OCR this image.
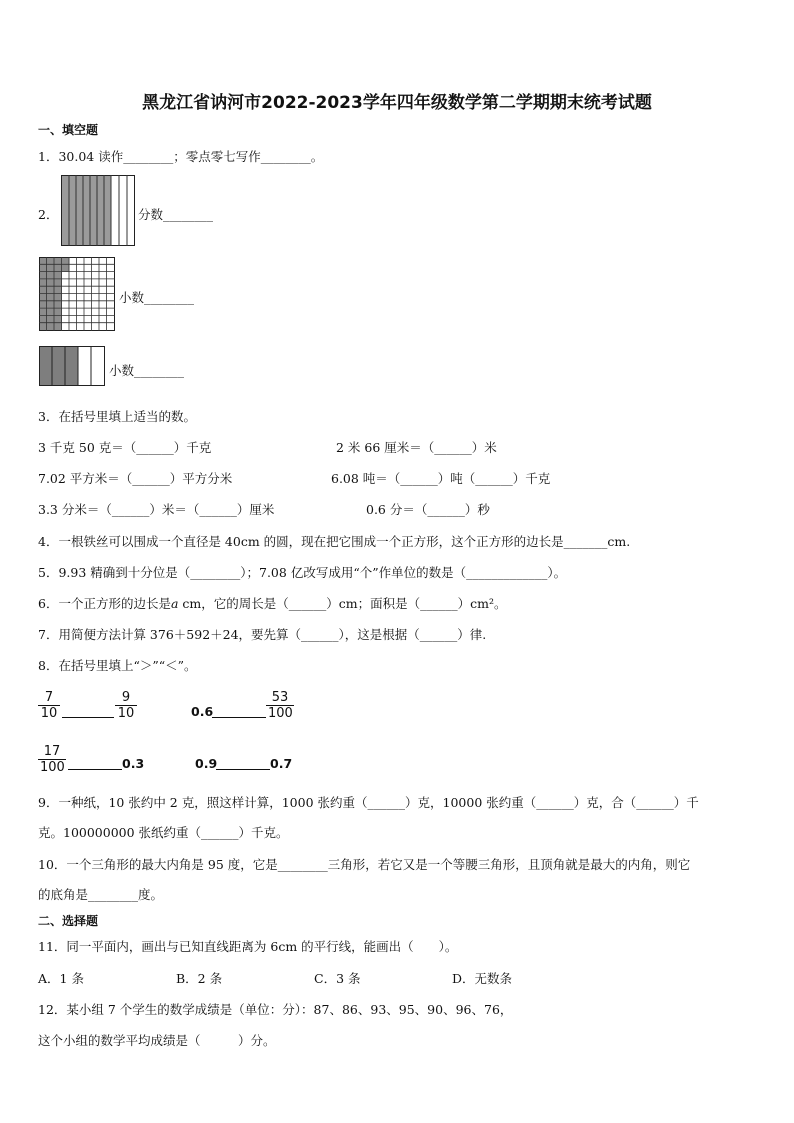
黑龙江省讷河市2022-2023学年四年级数学第二学期期末统考试题
一、填空题
1．30.04 读作________；零点零七写作________。
2．	分数________
小数________
小数________
3．在括号里填上适当的数。
3 千克 50 克＝（______）千克	2 米 66 厘米＝（______）米
7.02 平方米＝（______）平方分米	6.08 吨＝（______）吨（______）千克
3.3 分米＝（______）米＝（______）厘米	0.6 分＝（______）秒
4．一根铁丝可以围成一个直径是 40cm 的圆，现在把它围成一个正方形，这个正方形的边长是_______cm.
5．9.93 精确到十分位是（________）；7.08 亿改写成用“个”作单位的数是（_____________）。
6．一个正方形的边长是a cm，它的周长是（______）cm；面积是（______）cm²。
7．用简便方法计算 376＋592＋24，要先算（______），这是根据（______）律.
8．在括号里填上“＞”“＜”。
7
10
9
10	0.6
53
100
17
100	0.3	0.9	0.7
9．一种纸，10 张约中 2 克，照这样计算，1000 张约重（______）克，10000 张约重（______）克，合（______）千
克。100000000 张纸约重（______）千克。
10．一个三角形的最大内角是 95 度，它是________三角形，若它又是一个等腰三角形，且顶角就是最大的内角，则它
的底角是________度。
二、选择题
11．同一平面内，画出与已知直线距离为 6cm 的平行线，能画出（　　）。
A．1 条	B．2 条	C．3 条	D．无数条
12．某小组 7 个学生的数学成绩是（单位：分）：87、86、93、95、90、96、76，
这个小组的数学平均成绩是（　　　）分。
